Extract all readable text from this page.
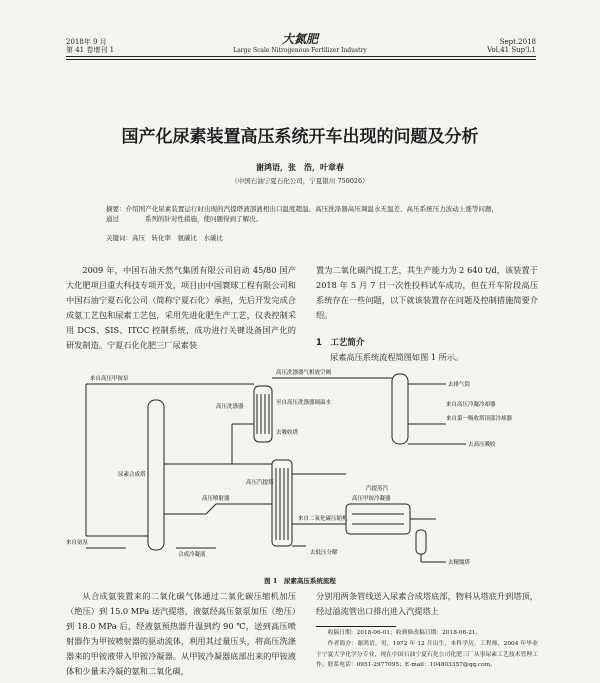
2018年 9 月
第 41 卷增刊 1
大氮肥
Large Scale Nitrogenous Fertilizer Industry
Sept.2018
Vol.41 Sup'l.1
国产化尿素装置高压系统开车出现的问题及分析
谢鸿语，张　浩，叶章春
（中国石油宁夏石化公司，宁夏银川 750026）
摘要：介绍国产化尿素装置运行时出现的汽提塔液部液相出口温度超温、高压洗涤器高压调温水无温差、高压系统压力波动上涨等问题，通过　　　　系列的针对性措施，使问题得到了解决。
关键词：高压　转化率　氨碳比　水碳比
2009 年，中国石油天然气集团有限公司启动 45/80 国产大化肥项目重大科技专项开发，项目由中国寰球工程有限公司和中国石油宁夏石化公司（简称宁夏石化）承担，先后开发完成合成氨工艺包和尿素工艺包，采用先进化肥生产工艺，仪表控制采用 DCS、SIS、ITCC 控制系统，成功进行关键设备国产化的研发制造。宁夏石化化肥三厂尿素装
置为二氧化碳汽提工艺，其生产能力为 2 640 t/d，该装置于 2018 年 5 月 7 日一次性投料试车成功，但在开车阶段高压系统存在一些问题，以下就该装置存在问题及控制措施简要介绍。
1　工艺简介
尿素高压系统流程简图如图 1 所示。
来自高压甲铵泵
高压洗涤器气相放空阀
高压洗涤器
至自高压洗涤器调温水
去吸收塔
去排气筒
来自高压冷凝冷却器
来自第一吸收塔顶部冷却器
去高压吸收
尿素合成塔
高压汽提塔
高压甲铵冷凝器
高压喷射器
来自二氧化碳压缩机
汽提蒸汽
来自氨泵
合成冷凝液	去低压分解
去精馏塔
图 1　尿素高压系统流程
从合成氨装置来的二氧化碳气体通过二氧化碳压缩机加压（绝压）到 15.0 MPa 送汽提塔，液氨经高压氨泵加压（绝压）到 18.0 MPa 后，经液氨预热器升温到约 90 ℃，送到高压喷射器作为甲铵喷射器的驱动流体，利用其过量压头，将高压洗涤器来的甲铵液带入甲铵冷凝器。从甲铵冷凝器底部出来的甲铵液体和少量未冷凝的氨和二氧化碳，
分别用两条管线送入尿素合成塔底部，物料从塔底升到塔顶，经过溢流管出口排出进入汽提塔上
收稿日期：2018-06-01；收到修改稿日期：2018-06-21。
作者简介：谢鸿语，男，1972 年 12 月出生，本科学历，工程师，2004 年毕业于宁夏大学化学分专业，现在中国石油宁夏石化公司化肥三厂从事尿素工艺技术管理工作。联系电话：0951-2977095；E-mail：104803357@qq.com。
